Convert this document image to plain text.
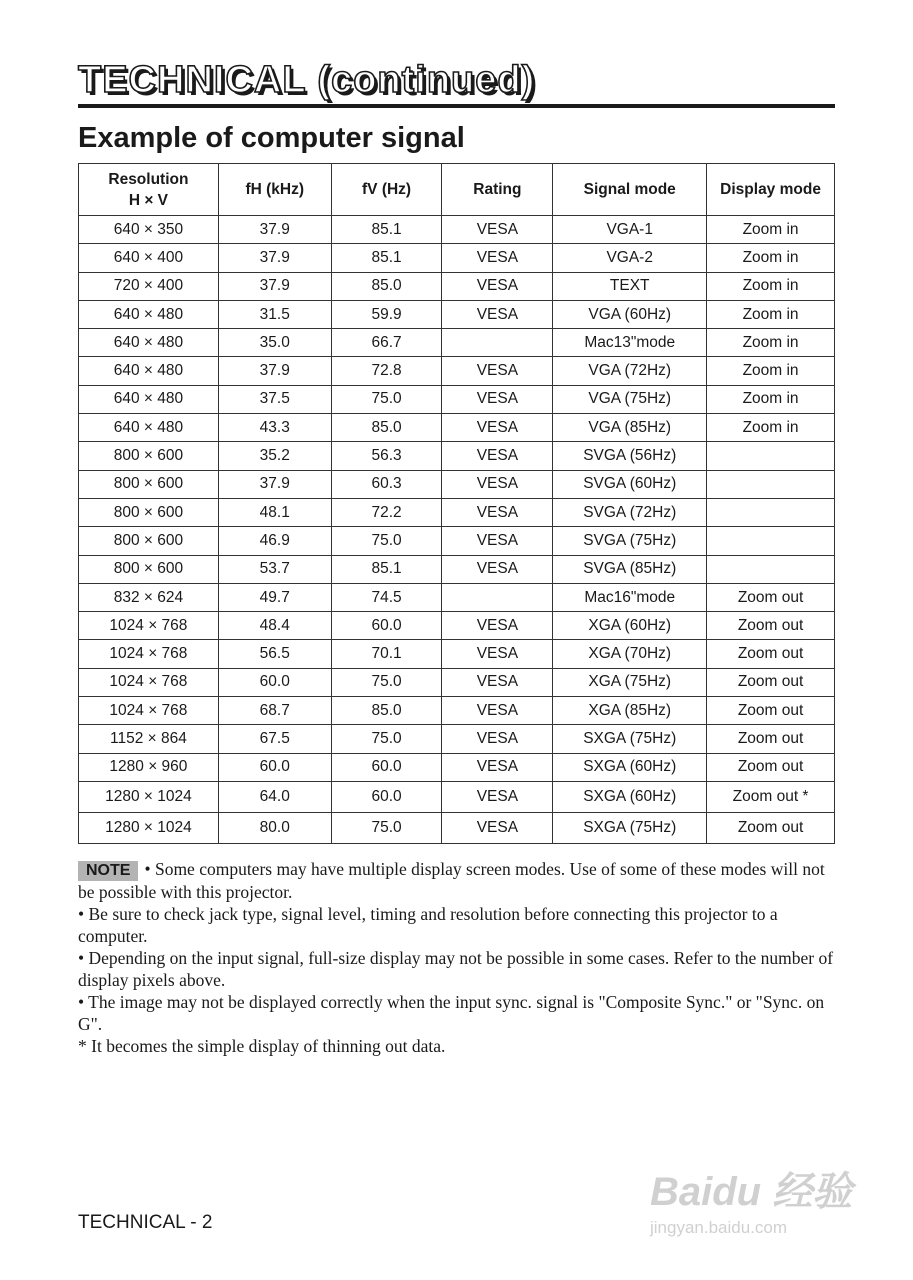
TECHNICAL (continued)
Example of computer signal
Resolution
H × V	fH (kHz)	fV (Hz)	Rating	Signal mode	Display mode
640 × 350	37.9	85.1	VESA	VGA-1	Zoom in
640 × 400	37.9	85.1	VESA	VGA-2	Zoom in
720 × 400	37.9	85.0	VESA	TEXT	Zoom in
640 × 480	31.5	59.9	VESA	VGA (60Hz)	Zoom in
640 × 480	35.0	66.7		Mac13"mode	Zoom in
640 × 480	37.9	72.8	VESA	VGA (72Hz)	Zoom in
640 × 480	37.5	75.0	VESA	VGA (75Hz)	Zoom in
640 × 480	43.3	85.0	VESA	VGA (85Hz)	Zoom in
800 × 600	35.2	56.3	VESA	SVGA (56Hz)	
800 × 600	37.9	60.3	VESA	SVGA (60Hz)	
800 × 600	48.1	72.2	VESA	SVGA (72Hz)	
800 × 600	46.9	75.0	VESA	SVGA (75Hz)	
800 × 600	53.7	85.1	VESA	SVGA (85Hz)	
832 × 624	49.7	74.5		Mac16"mode	Zoom out
1024 × 768	48.4	60.0	VESA	XGA (60Hz)	Zoom out
1024 × 768	56.5	70.1	VESA	XGA (70Hz)	Zoom out
1024 × 768	60.0	75.0	VESA	XGA (75Hz)	Zoom out
1024 × 768	68.7	85.0	VESA	XGA (85Hz)	Zoom out
1152 × 864	67.5	75.0	VESA	SXGA (75Hz)	Zoom out
1280 × 960	60.0	60.0	VESA	SXGA (60Hz)	Zoom out
1280 × 1024	64.0	60.0	VESA	SXGA (60Hz)	Zoom out *
1280 × 1024	80.0	75.0	VESA	SXGA (75Hz)	Zoom out

NOTE • Some computers may have multiple display screen modes. Use of some of these modes will not be possible with this projector.

• Be sure to check jack type, signal level, timing and resolution before connecting this projector to a computer.

• Depending on the input signal, full-size display may not be possible in some cases. Refer to the number of display pixels above.

• The image may not be displayed correctly when the input sync. signal is "Composite Sync." or "Sync. on G".

* It becomes the simple display of thinning out data.

Baidu 经验
jingyan.baidu.com
TECHNICAL - 2
